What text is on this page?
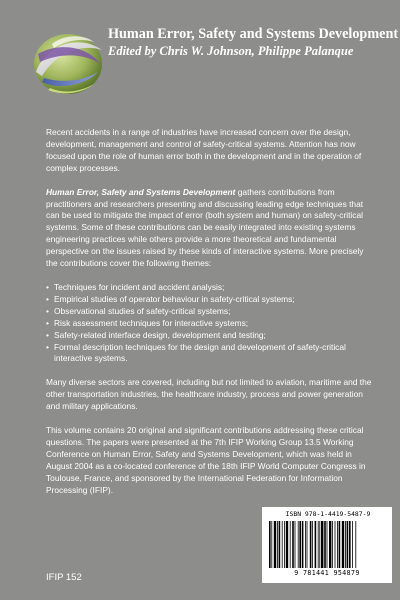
Human Error, Safety and Systems Development
Edited by Chris W. Johnson, Philippe Palanque

Recent accidents in a range of industries have increased concern over the design, development, management and control of safety-critical systems. Attention has now focused upon the role of human error both in the development and in the operation of complex processes.

Human Error, Safety and Systems Development gathers contributions from practitioners and researchers presenting and discussing leading edge techniques that can be used to mitigate the impact of error (both system and human) on safety-critical systems. Some of these contributions can be easily integrated into existing systems engineering practices while others provide a more theoretical and fundamental perspective on the issues raised by these kinds of interactive systems. More precisely the contributions cover the following themes:

• Techniques for incident and accident analysis;
• Empirical studies of operator behaviour in safety-critical systems;
• Observational studies of safety-critical systems;
• Risk assessment techniques for interactive systems;
• Safety-related interface design, development and testing;
• Formal description techniques for the design and development of safety-critical interactive systems.

Many diverse sectors are covered, including but not limited to aviation, maritime and the other transportation industries, the healthcare industry, process and power generation and military applications.

This volume contains 20 original and significant contributions addressing these critical questions. The papers were presented at the 7th IFIP Working Group 13.5 Working Conference on Human Error, Safety and Systems Development, which was held in August 2004 as a co-located conference of the 18th IFIP World Computer Congress in Toulouse, France, and sponsored by the International Federation for Information Processing (IFIP).

IFIP 152
ISBN 978-1-4419-5487-9
9 781441 954879
